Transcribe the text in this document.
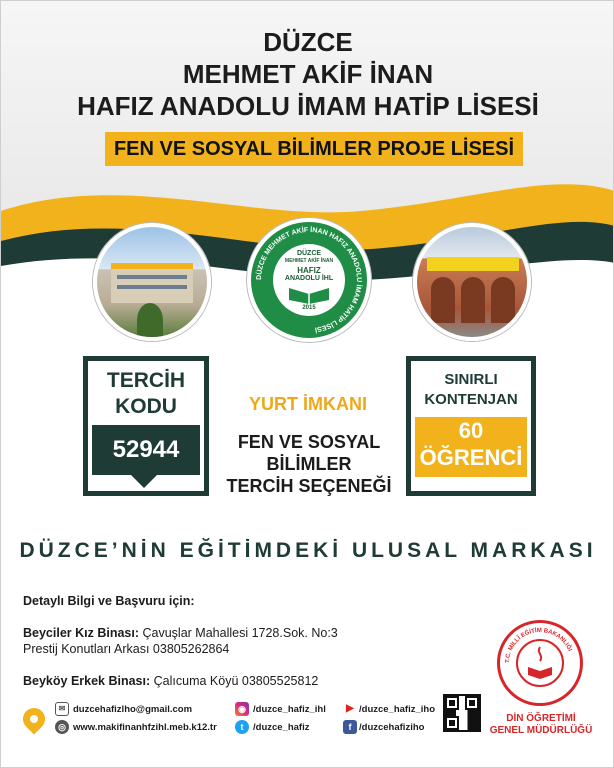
DÜZCE
MEHMET AKİF İNAN
HAFIZ ANADOLU İMAM HATİP LİSESİ
FEN VE SOSYAL BİLİMLER PROJE LİSESİ
DÜZCE MEHMET AKİF İNAN HAFIZ ANADOLU İMAM HATİP LİSESİ
DÜZCE
MEHMET AKİF İNAN
HAFIZ
ANADOLU İHL
2015
TERCİH
KODU
52944
YURT İMKANI
FEN VE SOSYAL BİLİMLER
TERCİH SEÇENEĞİ
SINIRLI
KONTENJAN
60
ÖĞRENCİ
DÜZCE’NİN EĞİTİMDEKİ ULUSAL MARKASI
Detaylı Bilgi ve Başvuru için:
Beyciler Kız Binası: Çavuşlar Mahallesi 1728.Sok. No:3
Prestij Konutları Arkası 03805262864
Beyköy Erkek Binası: Çalıcuma Köyü 03805525812
T.C. MİLLÎ EĞİTİM BAKANLIĞI
DİN ÖĞRETİMİ
GENEL MÜDÜRLÜĞÜ
✉ duzcehafizlho@gmail.com
◎ www.makifinanhfzihl.meb.k12.tr
◉ /duzce_hafiz_ihl
t	/duzce_hafiz
▶ /duzce_hafiz_iho
f /duzcehafiziho
